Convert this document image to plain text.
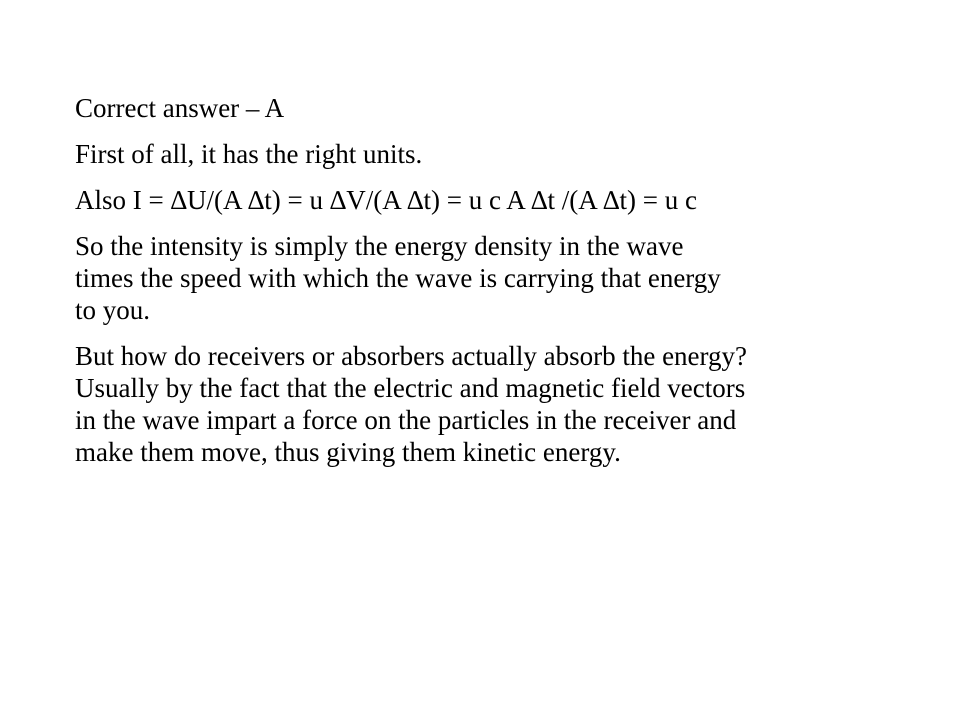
Correct answer – A

First of all, it has the right units.

Also I = ∆U/(A ∆t) = u ∆V/(A ∆t) = u c A ∆t /(A ∆t) = u c

So the intensity is simply the energy density in the wave
times the speed with which the wave is carrying that energy
to you.

But how do receivers or absorbers actually absorb the energy?
Usually by the fact that the electric and magnetic field vectors
in the wave impart a force on the particles in the receiver and
make them move, thus giving them kinetic energy.
